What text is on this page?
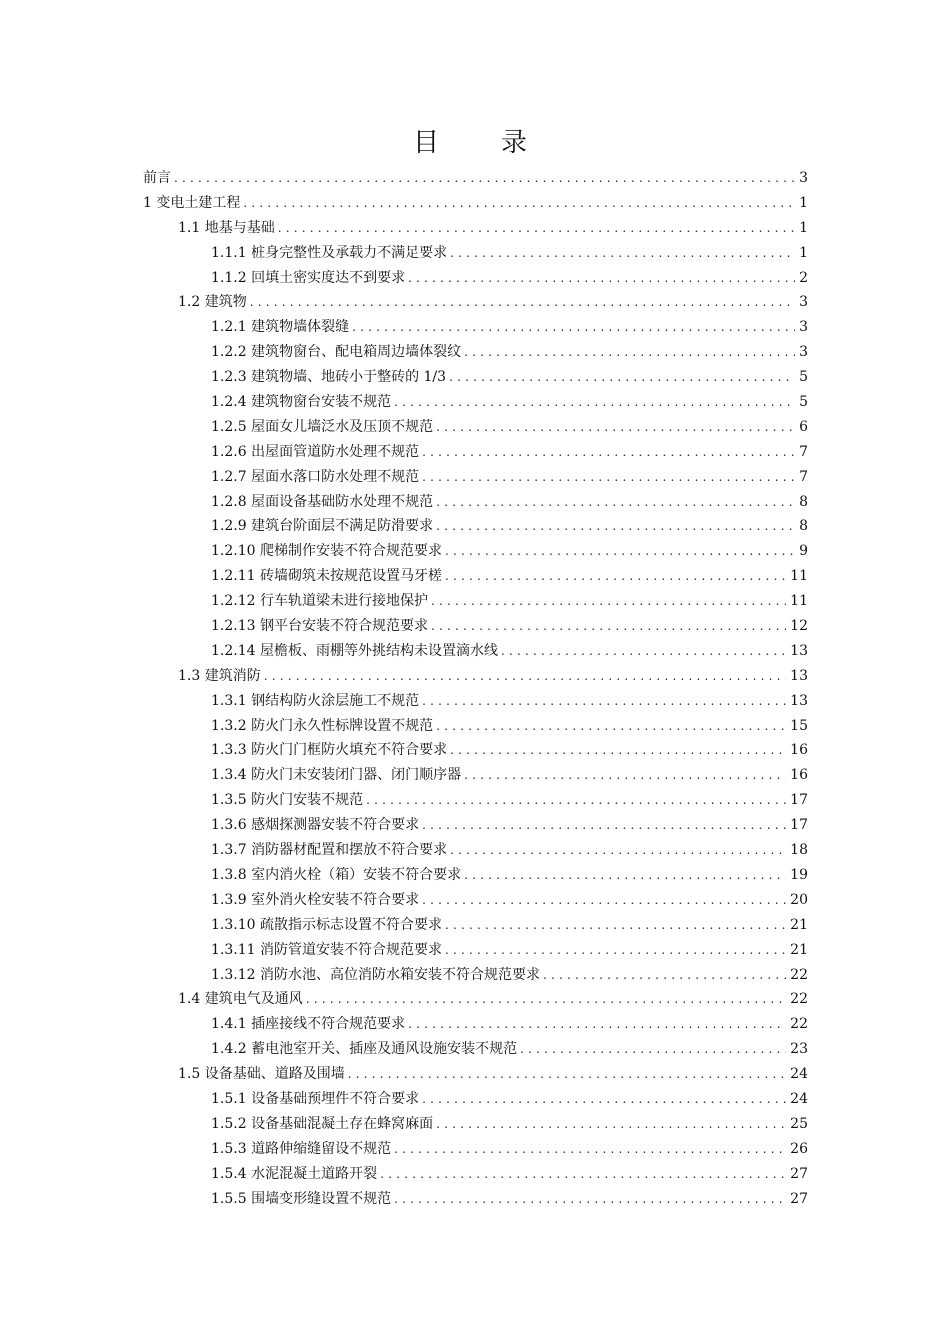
目　录
前言 .....	3
1 变电土建工程 .....	1
1.1 地基与基础 .....	1
1.1.1 桩身完整性及承载力不满足要求 .....	1
1.1.2 回填土密实度达不到要求 .....	2
1.2 建筑物 .....	3
1.2.1 建筑物墙体裂缝 .....	3
1.2.2 建筑物窗台、配电箱周边墙体裂纹 .....	3
1.2.3 建筑物墙、地砖小于整砖的 1/3 .....	5
1.2.4 建筑物窗台安装不规范 .....	5
1.2.5 屋面女儿墙泛水及压顶不规范 .....	6
1.2.6 出屋面管道防水处理不规范 .....	7
1.2.7 屋面水落口防水处理不规范 .....	7
1.2.8 屋面设备基础防水处理不规范 .....	8
1.2.9 建筑台阶面层不满足防滑要求 .....	8
1.2.10 爬梯制作安装不符合规范要求 .....	9
1.2.11 砖墙砌筑未按规范设置马牙槎 .....	11
1.2.12 行车轨道梁未进行接地保护 .....	11
1.2.13 钢平台安装不符合规范要求 .....	12
1.2.14 屋檐板、雨棚等外挑结构未设置滴水线 .....	13
1.3 建筑消防 .....	13
1.3.1 钢结构防火涂层施工不规范 .....	13
1.3.2 防火门永久性标牌设置不规范 .....	15
1.3.3 防火门门框防火填充不符合要求 .....	16
1.3.4 防火门未安装闭门器、闭门顺序器 .....	16
1.3.5 防火门安装不规范 .....	17
1.3.6 感烟探测器安装不符合要求 .....	17
1.3.7 消防器材配置和摆放不符合要求 .....	18
1.3.8 室内消火栓（箱）安装不符合要求 .....	19
1.3.9 室外消火栓安装不符合要求 .....	20
1.3.10 疏散指示标志设置不符合要求 .....	21
1.3.11 消防管道安装不符合规范要求 .....	21
1.3.12 消防水池、高位消防水箱安装不符合规范要求 .....	22
1.4 建筑电气及通风 .....	22
1.4.1 插座接线不符合规范要求 .....	22
1.4.2 蓄电池室开关、插座及通风设施安装不规范 .....	23
1.5 设备基础、道路及围墙 .....	24
1.5.1 设备基础预埋件不符合要求 .....	24
1.5.2 设备基础混凝土存在蜂窝麻面 .....	25
1.5.3 道路伸缩缝留设不规范 .....	26
1.5.4 水泥混凝土道路开裂 .....	27
1.5.5 围墙变形缝设置不规范 .....	27
